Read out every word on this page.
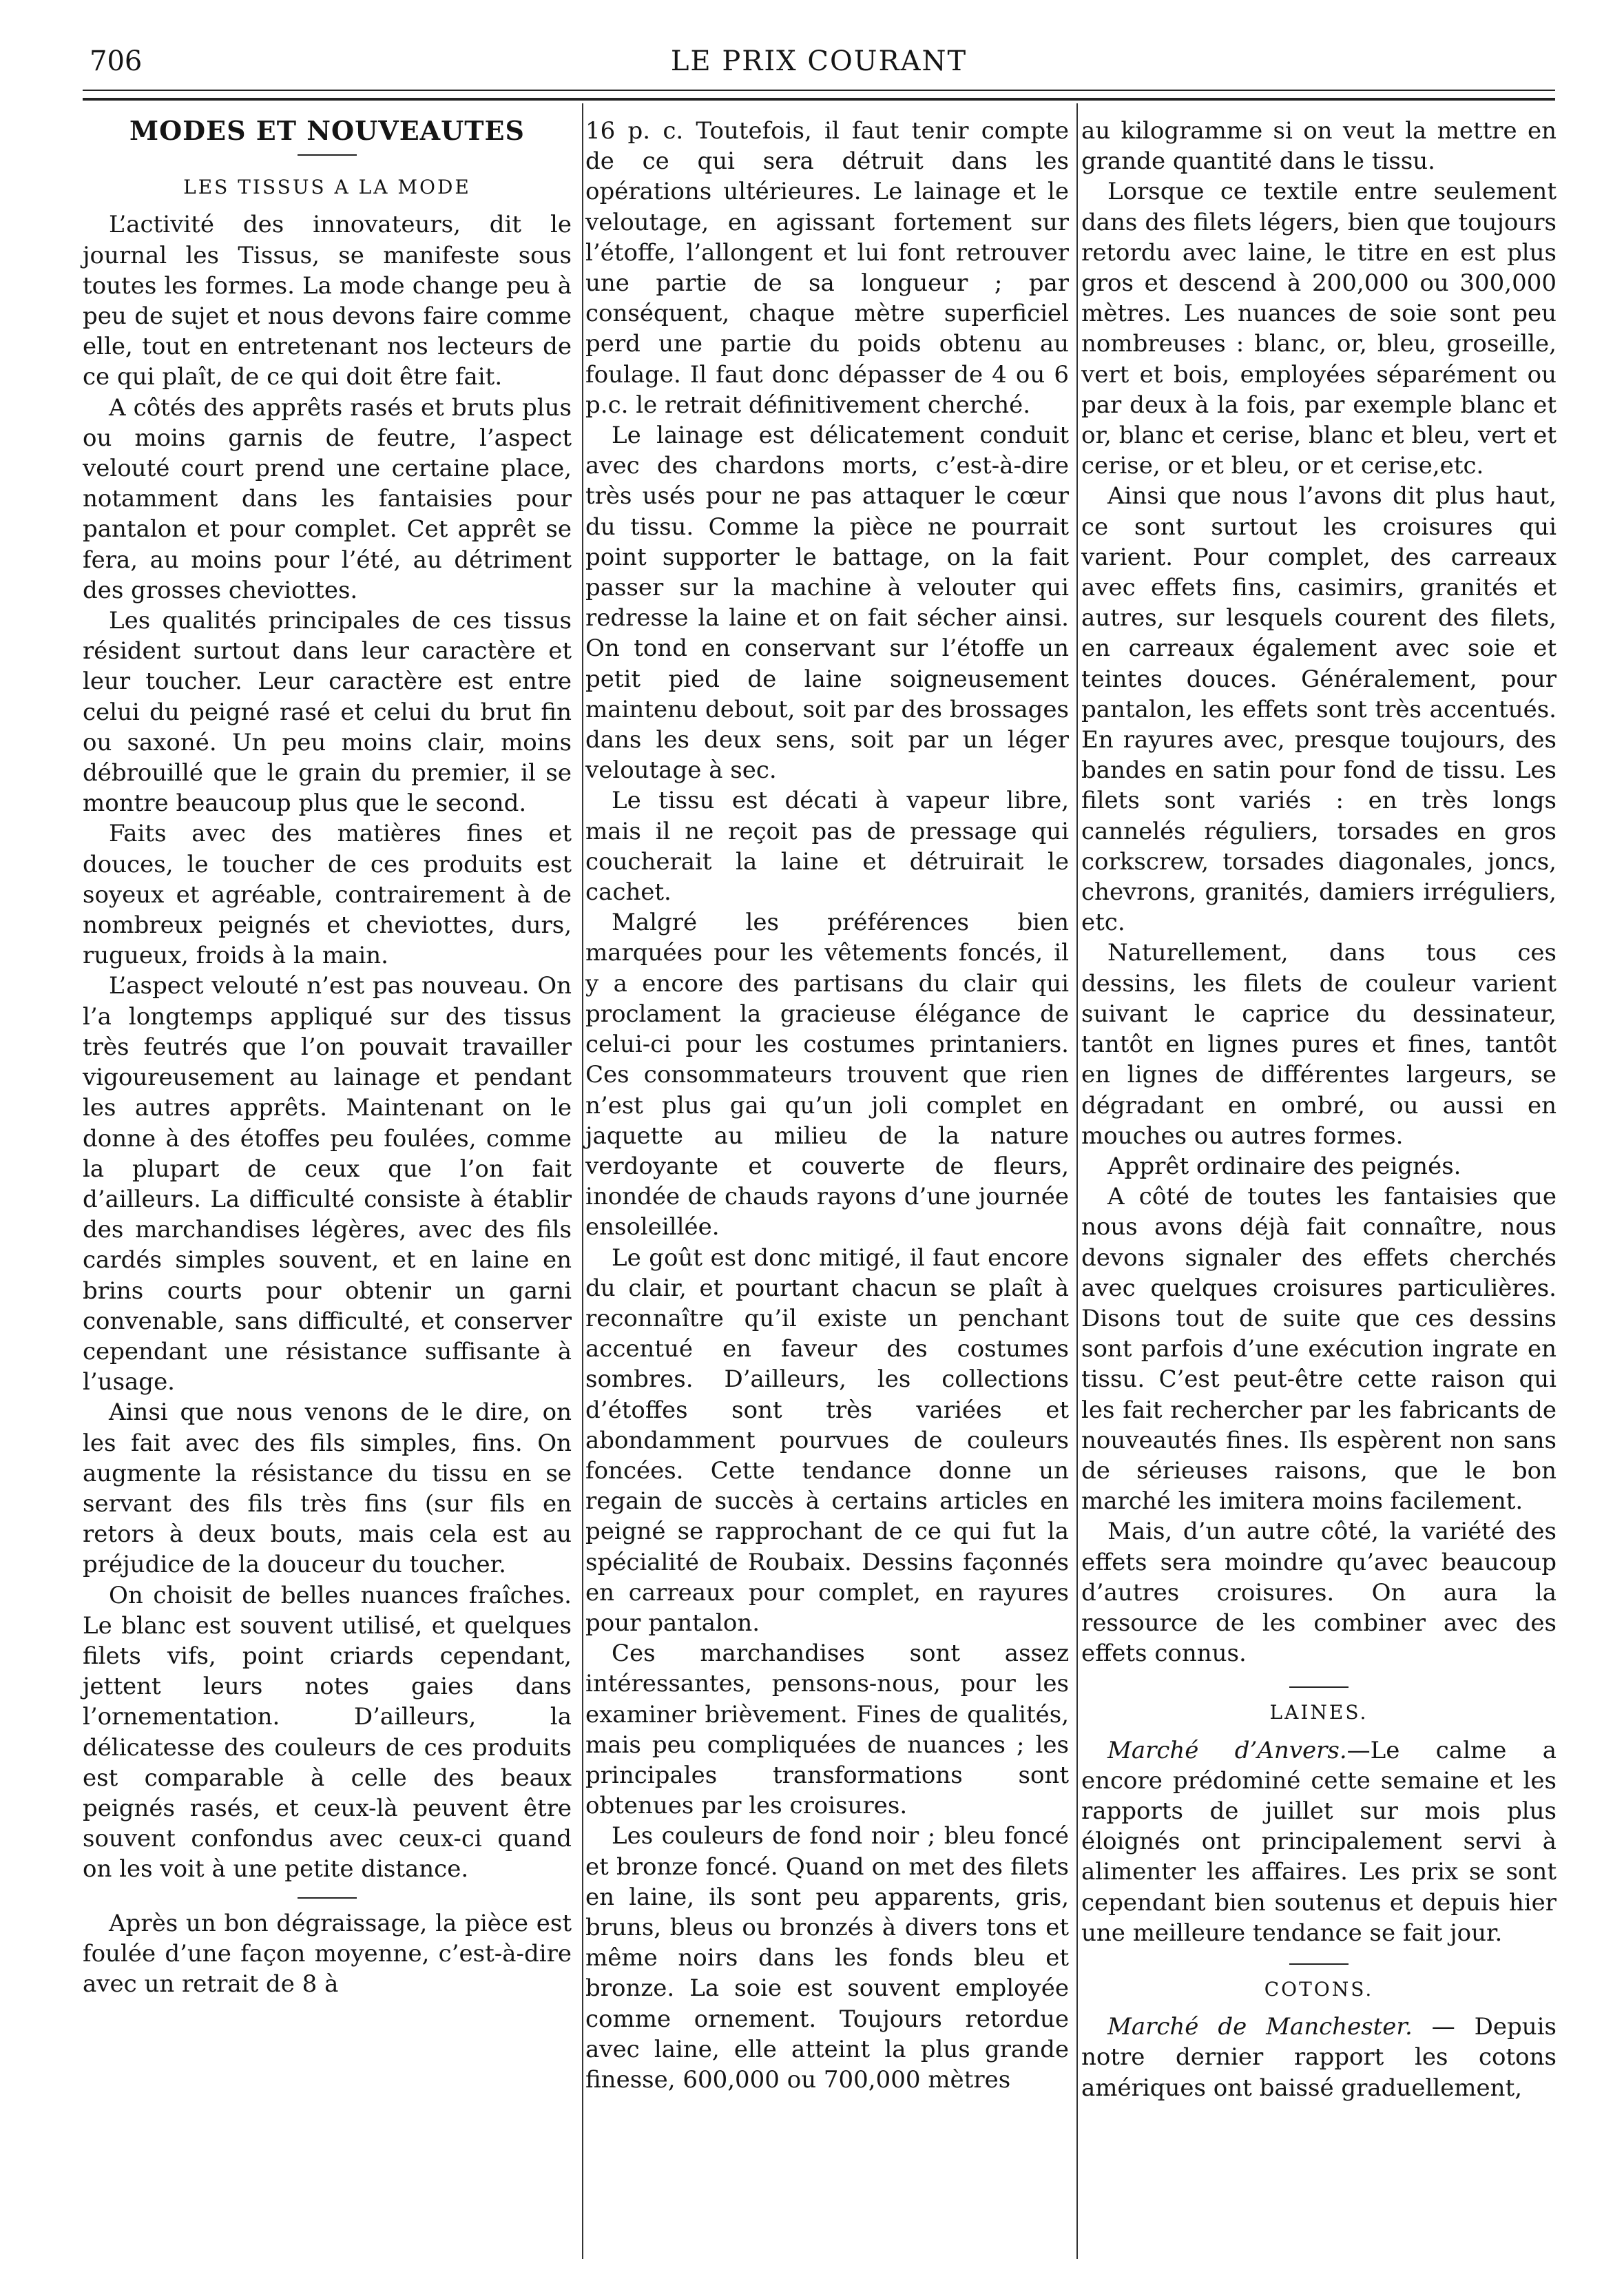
706	LE PRIX COURANT
MODES ET NOUVEAUTES
LES TISSUS A LA MODE

L’activité des innovateurs, dit le journal les Tissus, se manifeste sous toutes les formes. La mode change peu à peu de sujet et nous devons faire comme elle, tout en entretenant nos lecteurs de ce qui plaît, de ce qui doit être fait.

A côtés des apprêts rasés et bruts plus ou moins garnis de feutre, l’aspect velouté court prend une certaine place, notamment dans les fantaisies pour pantalon et pour complet. Cet apprêt se fera, au moins pour l’été, au détriment des grosses cheviottes.

Les qualités principales de ces tissus résident surtout dans leur caractère et leur toucher. Leur caractère est entre celui du peigné rasé et celui du brut fin ou saxoné. Un peu moins clair, moins débrouillé que le grain du premier, il se montre beaucoup plus que le second.

Faits avec des matières fines et douces, le toucher de ces produits est soyeux et agréable, contrairement à de nombreux peignés et cheviottes, durs, rugueux, froids à la main.

L’aspect velouté n’est pas nouveau. On l’a longtemps appliqué sur des tissus très feutrés que l’on pouvait travailler vigoureusement au lainage et pendant les autres apprêts. Maintenant on le donne à des étoffes peu foulées, comme la plupart de ceux que l’on fait d’ailleurs. La difficulté consiste à établir des marchandises légères, avec des fils cardés simples souvent, et en laine en brins courts pour obtenir un garni convenable, sans difficulté, et conserver cependant une résistance suffisante à l’usage.

Ainsi que nous venons de le dire, on les fait avec des fils simples, fins. On augmente la résistance du tissu en se servant des fils très fins (sur fils en retors à deux bouts, mais cela est au préjudice de la douceur du toucher.

On choisit de belles nuances fraîches. Le blanc est souvent utilisé, et quelques filets vifs, point criards cependant, jettent leurs notes gaies dans l’ornementation. D’ailleurs, la délicatesse des couleurs de ces produits est comparable à celle des beaux peignés rasés, et ceux-là peuvent être souvent confondus avec ceux-ci quand on les voit à une petite distance.

Après un bon dégraissage, la pièce est foulée d’une façon moyenne, c’est-à-dire avec un retrait de 8 à

16 p. c. Toutefois, il faut tenir compte de ce qui sera détruit dans les opérations ultérieures. Le lainage et le veloutage, en agissant fortement sur l’étoffe, l’allongent et lui font retrouver une partie de sa longueur ; par conséquent, chaque mètre superficiel perd une partie du poids obtenu au foulage. Il faut donc dépasser de 4 ou 6 p.c. le retrait définitivement cherché.

Le lainage est délicatement conduit avec des chardons morts, c’est-à-dire très usés pour ne pas attaquer le cœur du tissu. Comme la pièce ne pourrait point supporter le battage, on la fait passer sur la machine à velouter qui redresse la laine et on fait sécher ainsi. On tond en conservant sur l’étoffe un petit pied de laine soigneusement maintenu debout, soit par des brossages dans les deux sens, soit par un léger veloutage à sec.

Le tissu est décati à vapeur libre, mais il ne reçoit pas de pressage qui coucherait la laine et détruirait le cachet.

Malgré les préférences bien marquées pour les vêtements foncés, il y a encore des partisans du clair qui proclament la gracieuse élégance de celui-ci pour les costumes printaniers. Ces consommateurs trouvent que rien n’est plus gai qu’un joli complet en jaquette au milieu de la nature verdoyante et couverte de fleurs, inondée de chauds rayons d’une journée ensoleillée.

Le goût est donc mitigé, il faut encore du clair, et pourtant chacun se plaît à reconnaître qu’il existe un penchant accentué en faveur des costumes sombres. D’ailleurs, les collections d’étoffes sont très variées et abondamment pourvues de couleurs foncées. Cette tendance donne un regain de succès à certains articles en peigné se rapprochant de ce qui fut la spécialité de Roubaix. Dessins façonnés en carreaux pour complet, en rayures pour pantalon.

Ces marchandises sont assez intéressantes, pensons-nous, pour les examiner brièvement. Fines de qualités, mais peu compliquées de nuances ; les principales transformations sont obtenues par les croisures.

Les couleurs de fond noir ; bleu foncé et bronze foncé. Quand on met des filets en laine, ils sont peu apparents, gris, bruns, bleus ou bronzés à divers tons et même noirs dans les fonds bleu et bronze. La soie est souvent employée comme ornement. Toujours retordue avec laine, elle atteint la plus grande finesse, 600,000 ou 700,000 mètres

au kilogramme si on veut la mettre en grande quantité dans le tissu.

Lorsque ce textile entre seulement dans des filets légers, bien que toujours retordu avec laine, le titre en est plus gros et descend à 200,000 ou 300,000 mètres. Les nuances de soie sont peu nombreuses : blanc, or, bleu, groseille, vert et bois, employées séparément ou par deux à la fois, par exemple blanc et or, blanc et cerise, blanc et bleu, vert et cerise, or et bleu, or et cerise,etc.

Ainsi que nous l’avons dit plus haut, ce sont surtout les croisures qui varient. Pour complet, des carreaux avec effets fins, casimirs, granités et autres, sur lesquels courent des filets, en carreaux également avec soie et teintes douces. Généralement, pour pantalon, les effets sont très accentués. En rayures avec, presque toujours, des bandes en satin pour fond de tissu. Les filets sont variés : en très longs cannelés réguliers, torsades en gros corkscrew, torsades diagonales, joncs, chevrons, granités, damiers irréguliers, etc.

Naturellement, dans tous ces dessins, les filets de couleur varient suivant le caprice du dessinateur, tantôt en lignes pures et fines, tantôt en lignes de différentes largeurs, se dégradant en ombré, ou aussi en mouches ou autres formes.

Apprêt ordinaire des peignés.

A côté de toutes les fantaisies que nous avons déjà fait connaître, nous devons signaler des effets cherchés avec quelques croisures particulières. Disons tout de suite que ces dessins sont parfois d’une exécution ingrate en tissu. C’est peut-être cette raison qui les fait rechercher par les fabricants de nouveautés fines. Ils espèrent non sans de sérieuses raisons, que le bon marché les imitera moins facilement.

Mais, d’un autre côté, la variété des effets sera moindre qu’avec beaucoup d’autres croisures. On aura la ressource de les combiner avec des effets connus.

LAINES.

Marché d’Anvers.—Le calme a encore prédominé cette semaine et les rapports de juillet sur mois plus éloignés ont principalement servi à alimenter les affaires. Les prix se sont cependant bien soutenus et depuis hier une meilleure tendance se fait jour.

COTONS.

Marché de Manchester. — Depuis notre dernier rapport les cotons amériques ont baissé graduellement,
